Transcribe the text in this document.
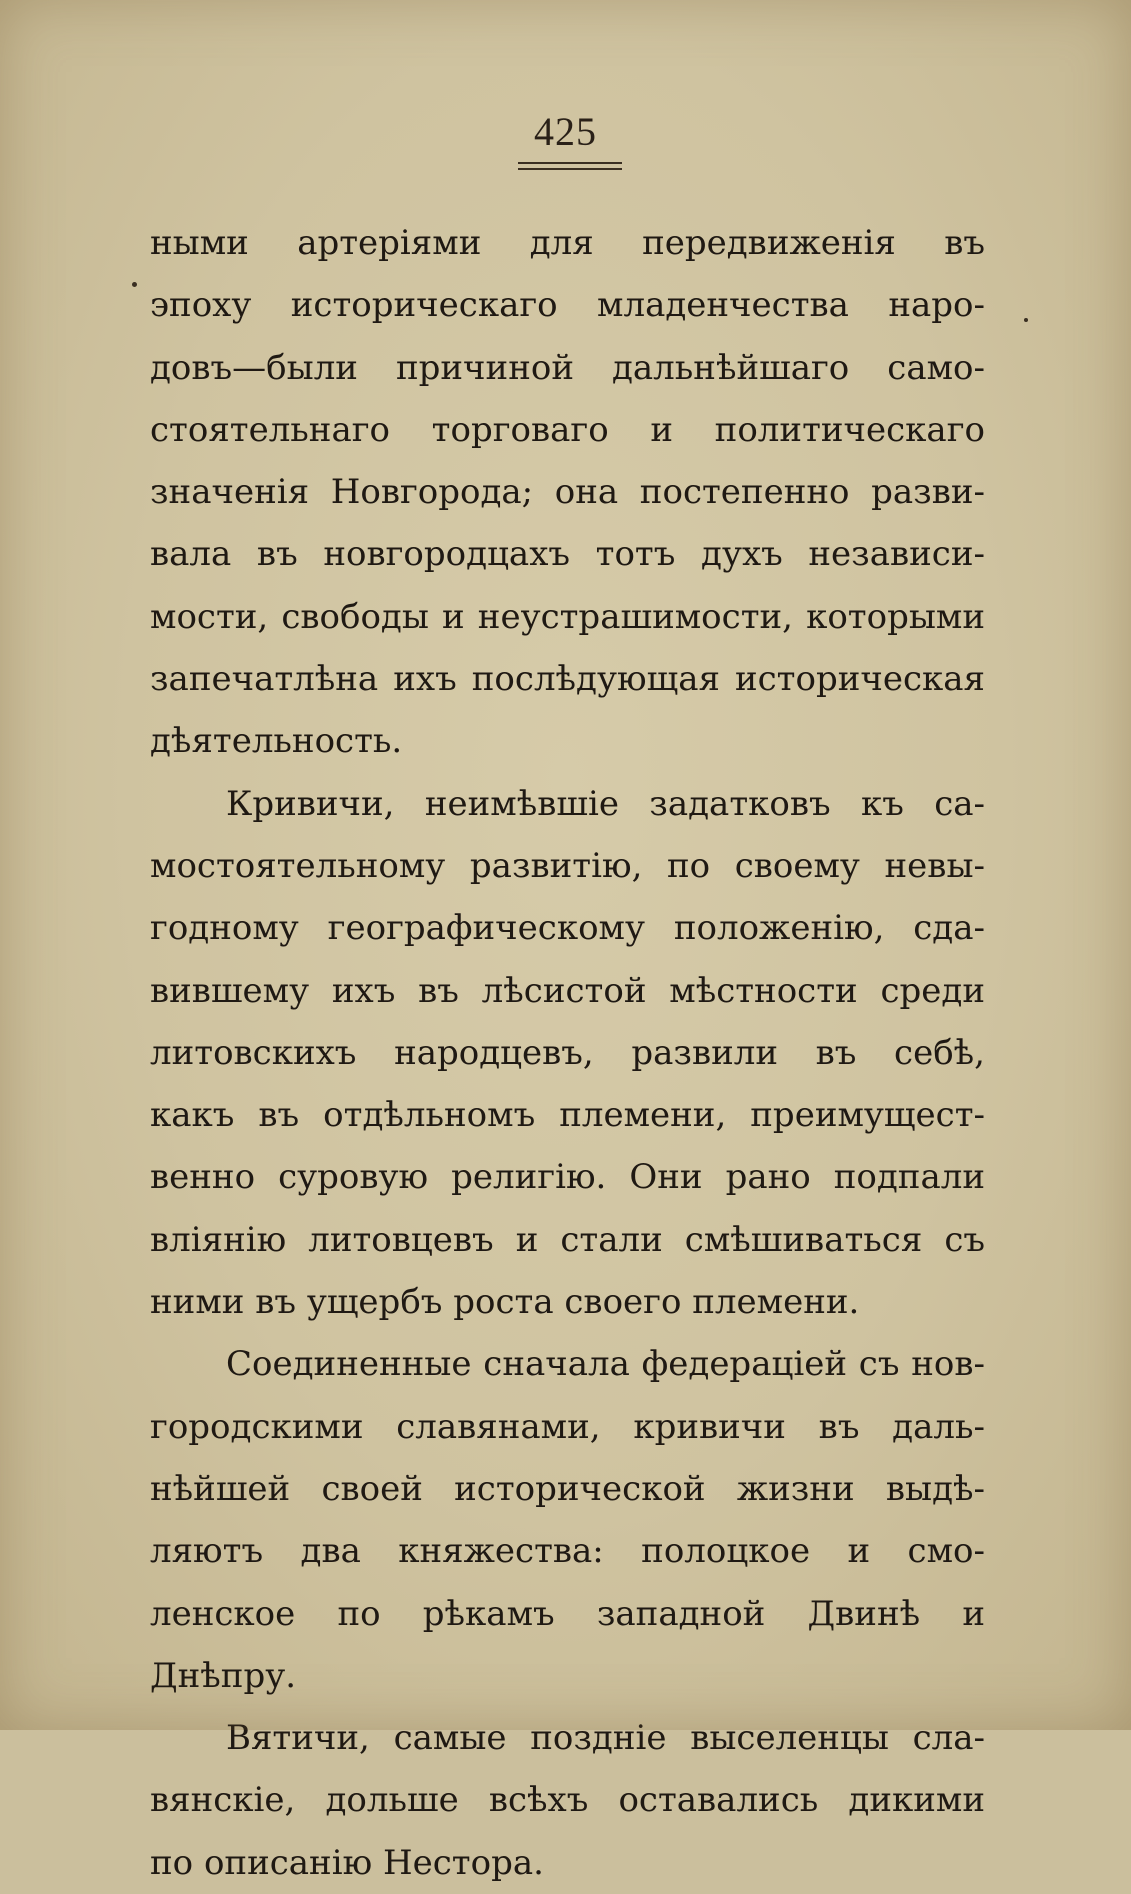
425
ными артеріями для передвиженія въ
эпоху историческаго младенчества наро-
довъ—были причиной дальнѣйшаго само-
стоятельнаго торговаго и политическаго
значенія Новгорода; она постепенно разви-
вала въ новгородцахъ тотъ духъ независи-
мости, свободы и неустрашимости, которыми
запечатлѣна ихъ послѣдующая историческая
дѣятельность.
Кривичи, неимѣвшіе задатковъ къ са-
мостоятельному развитію, по своему невы-
годному географическому положенію, сда-
вившему ихъ въ лѣсистой мѣстности среди
литовскихъ народцевъ, развили въ себѣ,
какъ въ отдѣльномъ племени, преимущест-
венно суровую религію. Они рано подпали
вліянію литовцевъ и стали смѣшиваться съ
ними въ ущербъ роста своего племени.
Соединенные сначала федераціей съ нов-
городскими славянами, кривичи въ даль-
нѣйшей своей исторической жизни выдѣ-
ляютъ два княжества: полоцкое и смо-
ленское по рѣкамъ западной Двинѣ и
Днѣпру.
Вятичи, самые поздніе выселенцы сла-
вянскіе, дольше всѣхъ оставались дикими
по описанію Нестора.
